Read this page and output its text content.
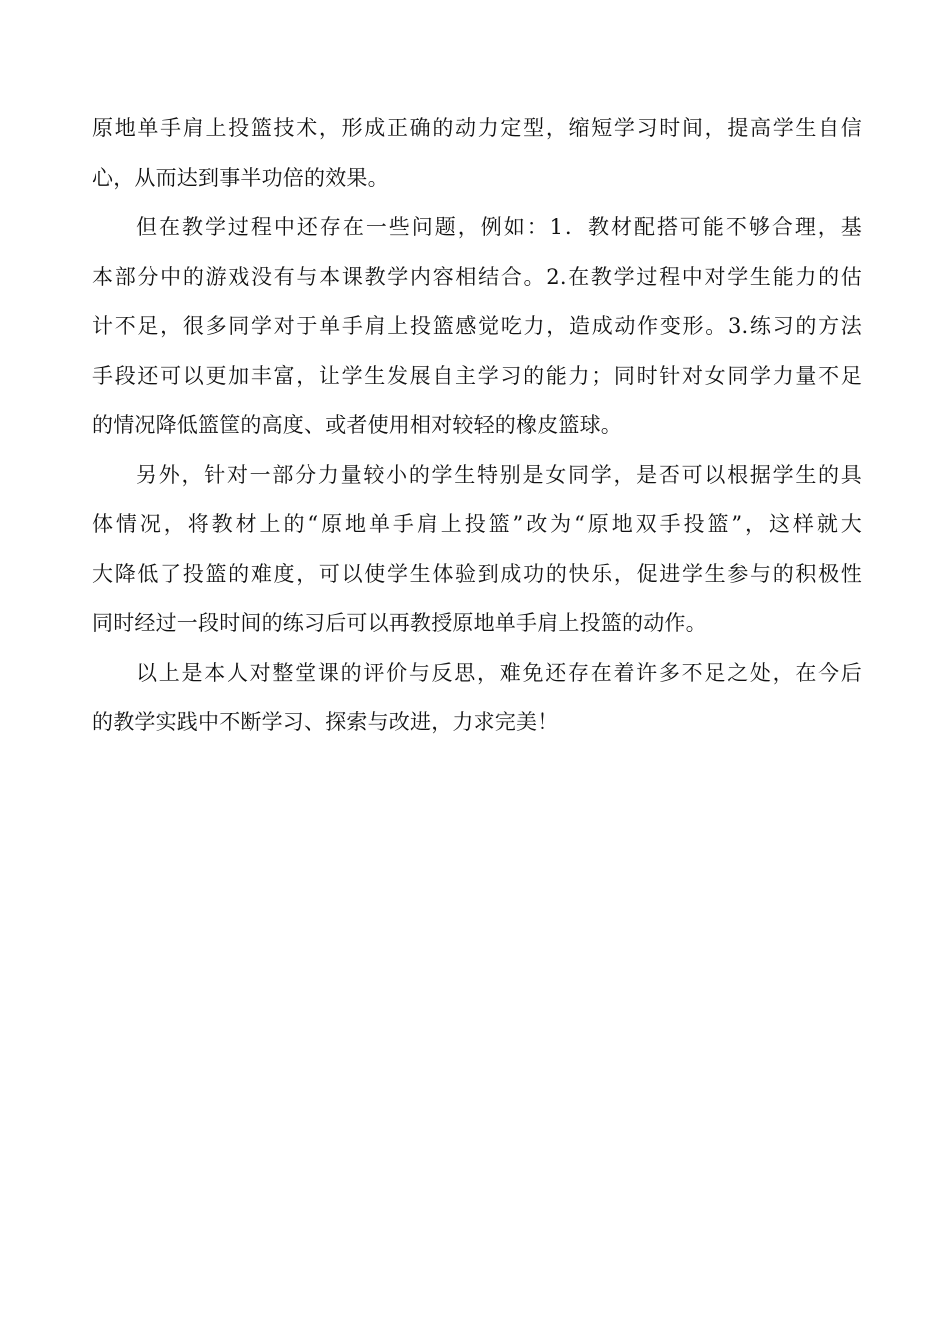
原地单手肩上投篮技术，形成正确的动力定型，缩短学习时间，提高学生自信
心，从而达到事半功倍的效果。
但在教学过程中还存在一些问题，例如：1．教材配搭可能不够合理，基
本部分中的游戏没有与本课教学内容相结合。2.在教学过程中对学生能力的估
计不足，很多同学对于单手肩上投篮感觉吃力，造成动作变形。3.练习的方法
手段还可以更加丰富，让学生发展自主学习的能力；同时针对女同学力量不足
的情况降低篮筐的高度、或者使用相对较轻的橡皮篮球。
另外，针对一部分力量较小的学生特别是女同学，是否可以根据学生的具
体情况，将教材上的“原地单手肩上投篮”改为“原地双手投篮”，这样就大
大降低了投篮的难度，可以使学生体验到成功的快乐，促进学生参与的积极性
同时经过一段时间的练习后可以再教授原地单手肩上投篮的动作。
以上是本人对整堂课的评价与反思，难免还存在着许多不足之处，在今后
的教学实践中不断学习、探索与改进，力求完美！
